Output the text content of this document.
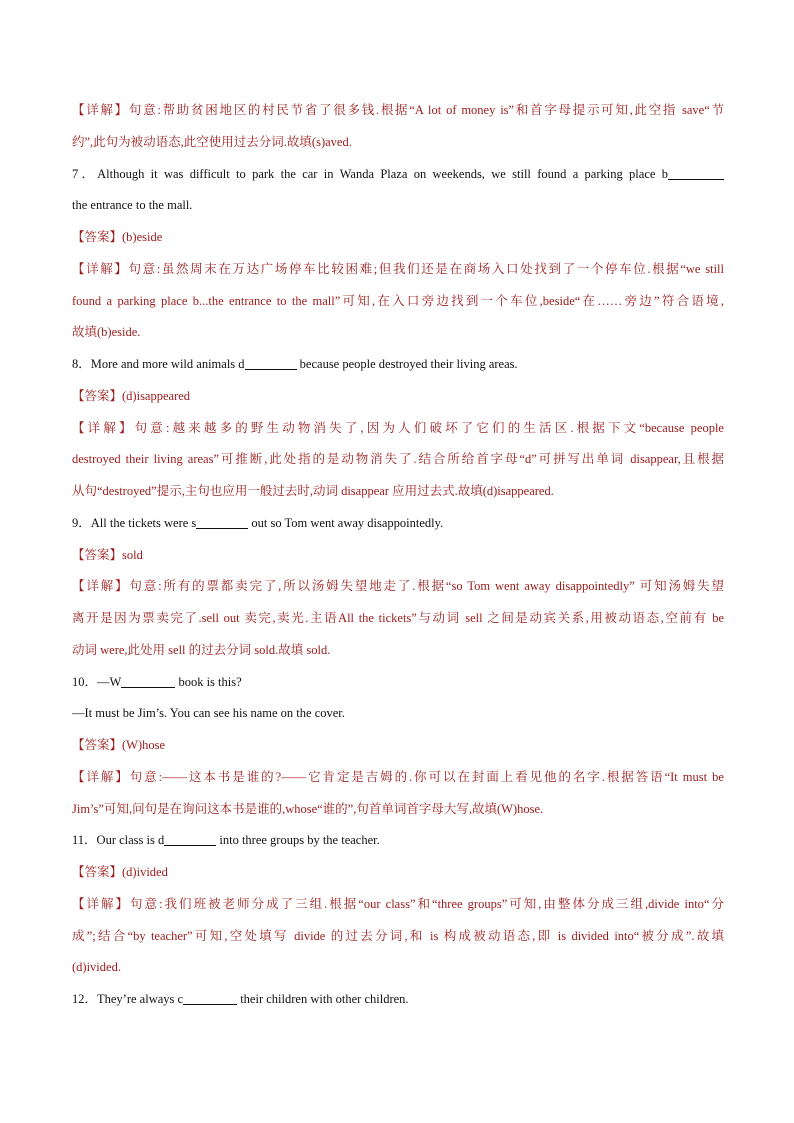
【详解】句意:帮助贫困地区的村民节省了很多钱.根据“A lot of money is”和首字母提示可知,此空指 save“节
约”,此句为被动语态,此空使用过去分词.故填(s)aved.
7．Although it was difficult to park the car in Wanda Plaza on weekends, we still found a parking place b
the entrance to the mall.
【答案】(b)eside
【详解】句意:虽然周末在万达广场停车比较困难;但我们还是在商场入口处找到了一个停车位.根据“we still
found a parking place b...the entrance to the mall”可知,在入口旁边找到一个车位,beside“在……旁边”符合语境,
故填(b)eside.
8．More and more wild animals d	because people destroyed their living areas.
【答案】(d)isappeared
【详解】句意:越来越多的野生动物消失了,因为人们破坏了它们的生活区.根据下文“because people
destroyed their living areas”可推断,此处指的是动物消失了.结合所给首字母“d”可拼写出单词 disappear,且根据
从句“destroyed”提示,主句也应用一般过去时,动词 disappear 应用过去式.故填(d)isappeared.
9．All the tickets were s	out so Tom went away disappointedly.
【答案】sold
【详解】句意:所有的票都卖完了,所以汤姆失望地走了.根据“so Tom went away disappointedly” 可知汤姆失望
离开是因为票卖完了.sell out 卖完,卖光.主语All the tickets”与动词 sell 之间是动宾关系,用被动语态,空前有 be
动词 were,此处用 sell 的过去分词 sold.故填 sold.
10．—W	book is this?
—It must be Jim’s. You can see his name on the cover.
【答案】(W)hose
【详解】句意:——这本书是谁的?——它肯定是吉姆的.你可以在封面上看见他的名字.根据答语“It must be
Jim’s”可知,问句是在询问这本书是谁的,whose“谁的”,句首单词首字母大写,故填(W)hose.
11．Our class is d	into three groups by the teacher.
【答案】(d)ivided
【详解】句意:我们班被老师分成了三组.根据“our class”和“three groups”可知,由整体分成三组,divide into“分
成”;结合“by teacher”可知,空处填写 divide 的过去分词,和 is 构成被动语态,即 is divided into“被分成”.故填
(d)ivided.
12．They’re always c	their children with other children.
